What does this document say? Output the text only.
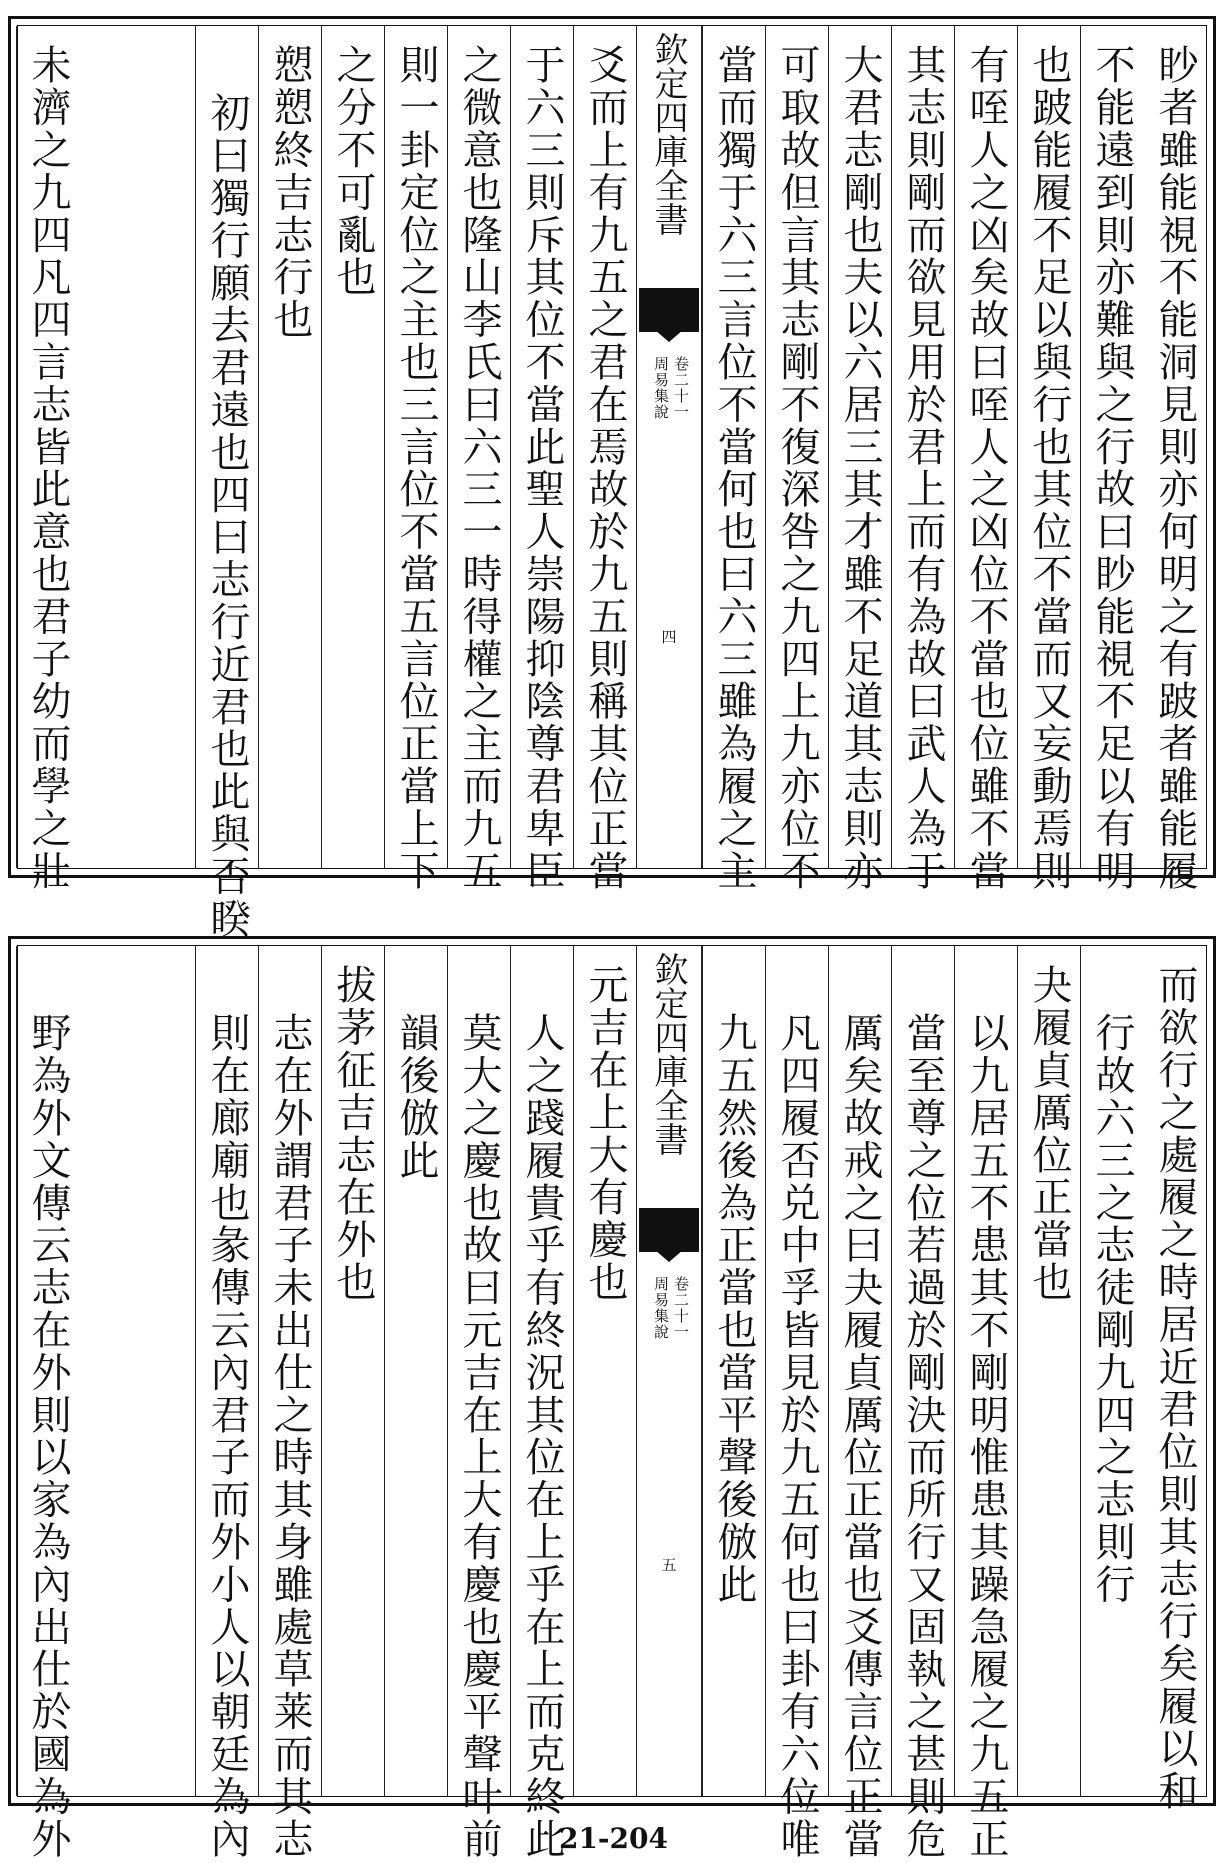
眇者雖能視不能洞見則亦何明之有跛者雖能履
不能遠到則亦難與之行故曰眇能視不足以有明
也跛能履不足以與行也其位不當而又妄動焉則
有咥人之凶矣故曰咥人之凶位不當也位雖不當
其志則剛而欲見用於君上而有為故曰武人為于
大君志剛也夫以六居三其才雖不足道其志則亦
可取故但言其志剛不復深咎之九四上九亦位不
當而獨于六三言位不當何也曰六三雖為履之主
欽定四庫全書
周易集說 卷二十一
四
爻而上有九五之君在焉故於九五則稱其位正當
于六三則斥其位不當此聖人崇陽抑陰尊君卑臣
之微意也隆山李氏曰六三一時得權之主而九五
則一卦定位之主也三言位不當五言位正當上下
之分不可亂也
愬愬終吉志行也
初曰獨行願去君遠也四曰志行近君也此與否睽
未濟之九四凡四言志皆此意也君子幼而學之壯
而欲行之處履之時居近君位則其志行矣履以和
行故六三之志徒剛九四之志則行
夬履貞厲位正當也
以九居五不患其不剛明惟患其躁急履之九五正
當至尊之位若過於剛決而所行又固執之甚則危
厲矣故戒之曰夬履貞厲位正當也爻傳言位正當
凡四履否兑中孚皆見於九五何也曰卦有六位唯
九五然後為正當也當平聲後倣此
欽定四庫全書
周易集說 卷二十一
五
元吉在上大有慶也
人之踐履貴乎有終況其位在上乎在上而克終此
莫大之慶也故曰元吉在上大有慶也慶平聲叶前
韻後倣此
拔茅征吉志在外也
志在外謂君子未出仕之時其身雖處草莱而其志
則在廊廟也彖傳云內君子而外小人以朝廷為內
野為外文傳云志在外則以家為內出仕於國為外	21-204
